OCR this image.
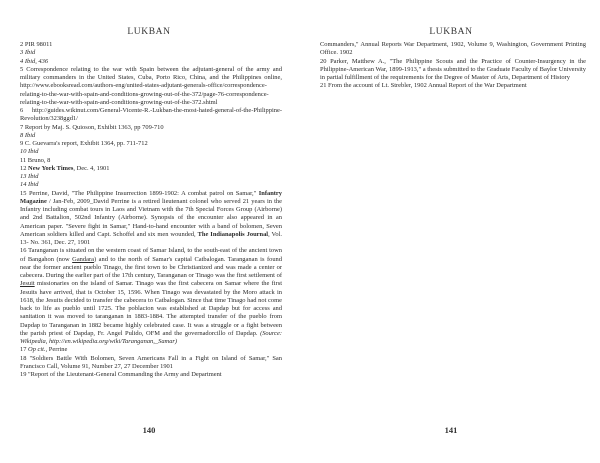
LUKBAN

2 PIR 98011

3 Ibid

4 Ibid, 436

5 Correspondence relating to the war with Spain between the adjutant-general of the army and military commanders in the United States, Cuba, Porto Rico, China, and the Philippines online, http://www.ebooksread.com/authors-eng/united-states-adjutant-generals-office/correspondence-relating-to-the-war-with-spain-and-conditions-growing-out-of-the-372/page-76-correspondence-relating-to-the-war-with-spain-and-conditions-growing-out-of-the-372.shtml

6 http://guides.wikinut.com/General-Vicente-R.-Lukban-the-most-hated-general-of-the-Philippine-Revolution/3238ggd1/

7 Report by Maj. S. Quioson, Exhibit 1363, pp 709-710

8 Ibid

9 C. Guevarra's report, Exhibit 1364, pp. 711-712

10 Ibid

11 Bruno, 8

12 New York Times, Dec. 4, 1901

13 Ibid

14 Ibid

15 Perrine, David, "The Philippine Insurrection 1899-1902: A combat patrol on Samar," Infantry Magazine / Jan-Feb, 2009_David Perrine is a retired lieutenant colonel who served 21 years in the Infantry including combat tours in Laos and Vietnam with the 7th Special Forces Group (Airborne) and 2nd Battalion, 502nd Infantry (Airborne). Synopsis of the encounter also appeared in an American paper. "Severe fight in Samar," Hand-to-hand encounter with a band of bolomen, Seven American soldiers killed and Capt. Schoffel and six men wounded, The Indianapolis Journal, Vol. 13- No. 361, Dec. 27, 1901

16 Taranganan is situated on the western coast of Samar Island, to the south-east of the ancient town of Bangahon (now Gandara) and to the north of Samar's capital Catbalogan. Taranganan is found near the former ancient pueblo Tinago, the first town to be Christianized and was made a center or cabecera. During the earlier part of the 17th century, Taranganan or Tinago was the first settlement of Jesuit missionaries on the island of Samar. Tinago was the first cabecera on Samar where the first Jesuits have arrived, that is October 15, 1596. When Tinago was devastated by the Moro attack in 1618, the Jesuits decided to transfer the cabecera to Catbalogan. Since that time Tinago had not come back to life as pueblo until 1725. The poblacion was established at Dapdap but for access and sanitation it was moved to taranganan in 1883-1884. The attempted transfer of the pueblo from Dapdap to Taranganan in 1882 became highly celebrated case. It was a struggle or a fight between the parish priest of Dapdap, Fr. Angel Pulido, OFM and the governadorcillo of Dapdap. (Source: Wikipedia, http://en.wikipedia.org/wiki/Taranganan,_Samar)

17 Op cit., Perrine

18 "Soldiers Battle With Bolomen, Seven Americans Fall in a Fight on Island of Samar," San Francisco Call, Volume 91, Number 27, 27 December 1901

19 "Report of the Lieutenant-General Commanding the Army and Department

140
LUKBAN

Commanders," Annual Reports War Department, 1902, Volume 9, Washington, Government Printing Office. 1902

20 Parker, Matthew A., "The Philippine Scouts and the Practice of Counter-Insurgency in the Philippine-American War, 1899-1913," a thesis submitted to the Graduate Faculty of Baylor University in partial fulfillment of the requirements for the Degree of Master of Arts, Department of History

21 From the account of Lt. Strebler, 1902 Annual Report of the War Department

141
